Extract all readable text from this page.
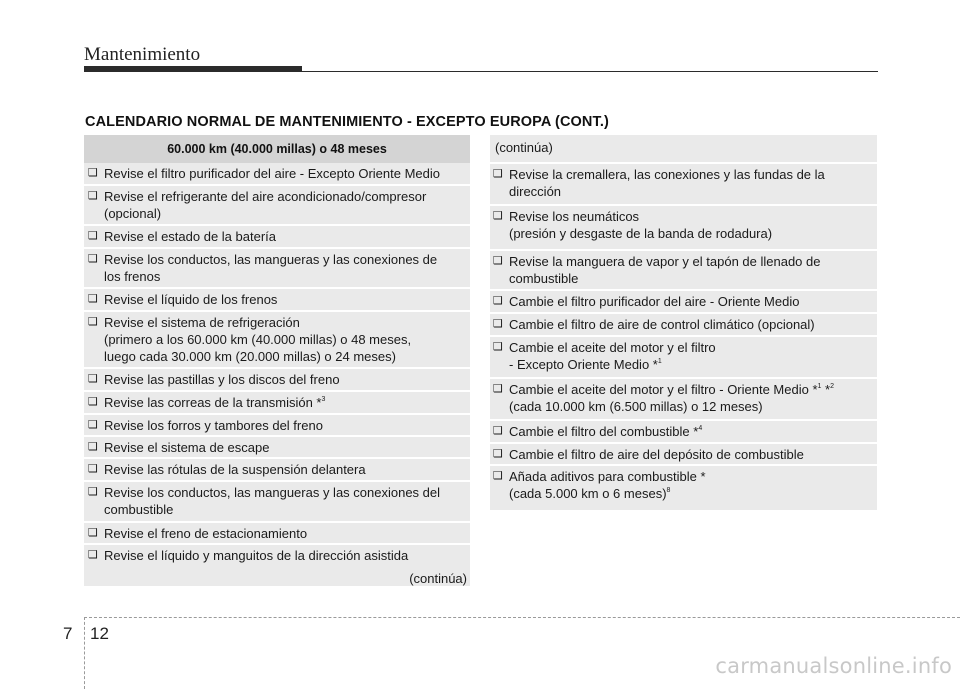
Mantenimiento
CALENDARIO NORMAL DE MANTENIMIENTO - EXCEPTO EUROPA (CONT.)
60.000 km (40.000 millas) o 48 meses
❑ Revise el filtro purificador del aire - Excepto Oriente Medio
❑ Revise el refrigerante del aire acondicionado/compresor
(opcional)
❑ Revise el estado de la batería
❑ Revise los conductos, las mangueras y las conexiones de
los frenos
❑ Revise el líquido de los frenos
❑ Revise el sistema de refrigeración
(primero a los 60.000 km (40.000 millas) o 48 meses,
luego cada 30.000 km (20.000 millas) o 24 meses)
❑ Revise las pastillas y los discos del freno
❑ Revise las correas de la transmisión *$^3$
❑ Revise los forros y tambores del freno
❑ Revise el sistema de escape
❑ Revise las rótulas de la suspensión delantera
❑ Revise los conductos, las mangueras y las conexiones del
combustible
❑ Revise el freno de estacionamiento
❑ Revise el líquido y manguitos de la dirección asistida
(continúa)
(continúa)
❑ Revise la cremallera, las conexiones y las fundas de la
dirección
❑ Revise los neumáticos
(presión y desgaste de la banda de rodadura)
❑ Revise la manguera de vapor y el tapón de llenado de
combustible
❑ Cambie el filtro purificador del aire - Oriente Medio
❑ Cambie el filtro de aire de control climático (opcional)
❑ Cambie el aceite del motor y el filtro
- Excepto Oriente Medio *$^1$
❑ Cambie el aceite del motor y el filtro - Oriente Medio *$^1$ *$^2$
(cada 10.000 km (6.500 millas) o 12 meses)
❑ Cambie el filtro del combustible *$^4$
❑ Cambie el filtro de aire del depósito de combustible
❑ Añada aditivos para combustible *
(cada 5.000 km o 6 meses)$^8$
7 12
carmanualsonline.info
